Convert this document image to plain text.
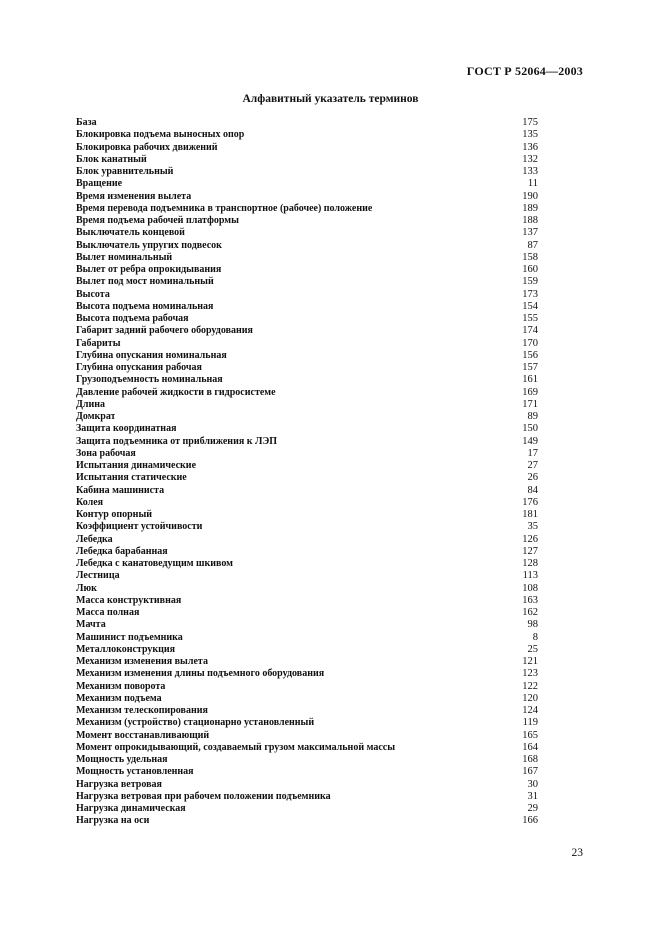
ГОСТ Р 52064—2003
Алфавитный указатель терминов
База	175
Блокировка подъема выносных опор	135
Блокировка рабочих движений	136
Блок канатный	132
Блок уравнительный	133
Вращение	11
Время изменения вылета	190
Время перевода подъемника в транспортное (рабочее) положение	189
Время подъема рабочей платформы	188
Выключатель концевой	137
Выключатель упругих подвесок	87
Вылет номинальный	158
Вылет от ребра опрокидывания	160
Вылет под мост номинальный	159
Высота	173
Высота подъема номинальная	154
Высота подъема рабочая	155
Габарит задний рабочего оборудования	174
Габариты	170
Глубина опускания номинальная	156
Глубина опускания рабочая	157
Грузоподъемность номинальная	161
Давление рабочей жидкости в гидросистеме	169
Длина	171
Домкрат	89
Защита координатная	150
Защита подъемника от приближения к ЛЭП	149
Зона рабочая	17
Испытания динамические	27
Испытания статические	26
Кабина машиниста	84
Колея	176
Контур опорный	181
Коэффициент устойчивости	35
Лебедка	126
Лебедка барабанная	127
Лебедка с канатоведущим шкивом	128
Лестница	113
Люк	108
Масса конструктивная	163
Масса полная	162
Мачта	98
Машинист подъемника	8
Металлоконструкция	25
Механизм изменения вылета	121
Механизм изменения длины подъемного оборудования	123
Механизм поворота	122
Механизм подъема	120
Механизм телескопирования	124
Механизм (устройство) стационарно установленный	119
Момент восстанавливающий	165
Момент опрокидывающий, создаваемый грузом максимальной массы	164
Мощность удельная	168
Мощность установленная	167
Нагрузка ветровая	30
Нагрузка ветровая при рабочем положении подъемника	31
Нагрузка динамическая	29
Нагрузка на оси	166
23
